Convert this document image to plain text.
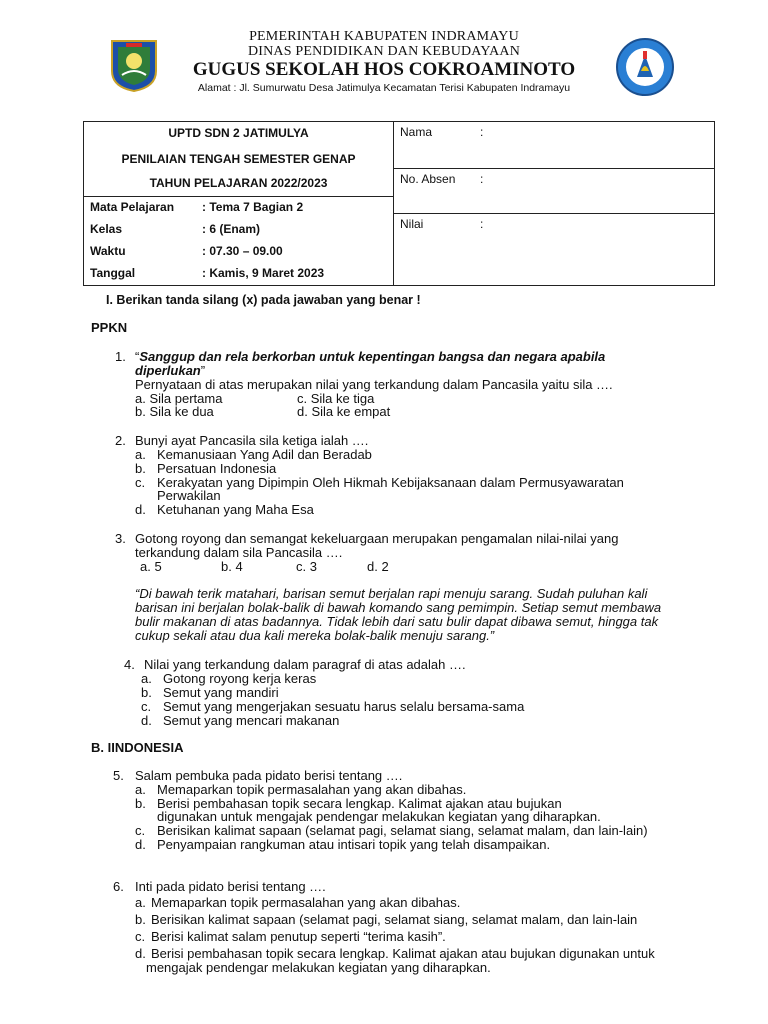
PEMERINTAH KABUPATEN INDRAMAYU
DINAS PENDIDIKAN DAN KEBUDAYAAN
GUGUS SEKOLAH HOS COKROAMINOTO
Alamat : Jl. Sumurwatu Desa Jatimulya Kecamatan Terisi Kabupaten Indramayu
UPTD SDN 2 JATIMULYA
PENILAIAN TENGAH SEMESTER GENAP
TAHUN PELAJARAN 2022/2023
Mata Pelajaran : Tema 7 Bagian 2
Kelas	: 6 (Enam)
Waktu	: 07.30 – 09.00
Tanggal	: Kamis, 9 Maret 2023

Nama	:
No. Absen :
Nilai	:
I. Berikan tanda silang (x) pada jawaban yang benar !
PPKN
1. “Sanggup dan rela berkorban untuk kepentingan bangsa dan negara apabila
diperlukan”
Pernyataan di atas merupakan nilai yang terkandung dalam Pancasila yaitu sila ….
a. Sila pertama	c. Sila ke tiga
b. Sila ke dua	d. Sila ke empat
2. Bunyi ayat Pancasila sila ketiga ialah ….
a. Kemanusiaan Yang Adil dan Beradab
b. Persatuan Indonesia
c. Kerakyatan yang Dipimpin Oleh Hikmah Kebijaksanaan dalam Permusyawaratan
Perwakilan
d. Ketuhanan yang Maha Esa
3. Gotong royong dan semangat kekeluargaan merupakan pengamalan nilai-nilai yang
terkandung dalam sila Pancasila ….
a. 5	b. 4	c. 3	d. 2
“Di bawah terik matahari, barisan semut berjalan rapi menuju sarang. Sudah puluhan kali
barisan ini berjalan bolak-balik di bawah komando sang pemimpin. Setiap semut membawa
bulir makanan di atas badannya. Tidak lebih dari satu bulir dapat dibawa semut, hingga tak
cukup sekali atau dua kali mereka bolak-balik menuju sarang.”
4. Nilai yang terkandung dalam paragraf di atas adalah ….
a. Gotong royong kerja keras
b. Semut yang mandiri
c. Semut yang mengerjakan sesuatu harus selalu bersama-sama
d. Semut yang mencari makanan
B. IINDONESIA
5. Salam pembuka pada pidato berisi tentang ….
a. Memaparkan topik permasalahan yang akan dibahas.
b. Berisi pembahasan topik secara lengkap. Kalimat ajakan atau bujukan
digunakan untuk mengajak pendengar melakukan kegiatan yang diharapkan.
c. Berisikan kalimat sapaan (selamat pagi, selamat siang, selamat malam, dan lain-lain)
d. Penyampaian rangkuman atau intisari topik yang telah disampaikan.
6. Inti pada pidato berisi tentang ….
a. Memaparkan topik permasalahan yang akan dibahas.
b. Berisikan kalimat sapaan (selamat pagi, selamat siang, selamat malam, dan lain-lain
c. Berisi kalimat salam penutup seperti “terima kasih”.
d. Berisi pembahasan topik secara lengkap. Kalimat ajakan atau bujukan digunakan untuk
mengajak pendengar melakukan kegiatan yang diharapkan.
